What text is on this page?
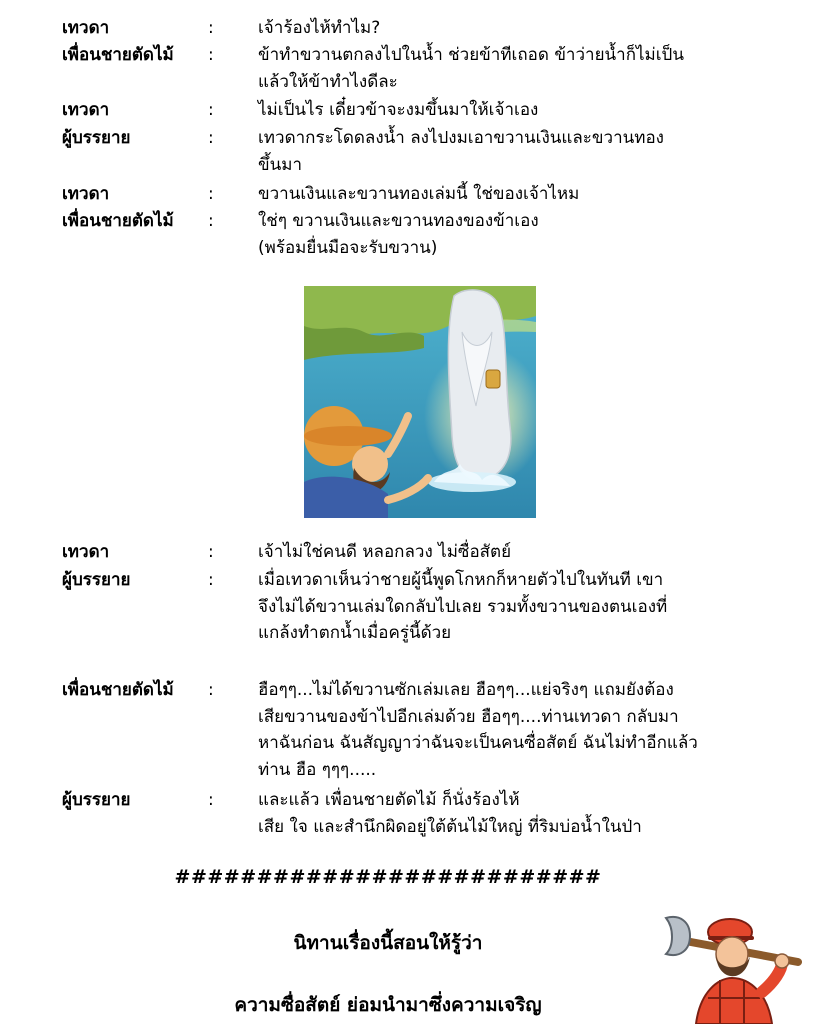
เทวดา	:	เจ้าร้องไห้ทำไม?
เพื่อนชายตัดไม้ :	ข้าทำขวานตกลงไปในน้ำ ช่วยข้าทีเถอด ข้าว่ายน้ำก็ไม่เป็น
แล้วให้ข้าทำไงดีละ
เทวดา	:	ไม่เป็นไร เดี๋ยวข้าจะงมขึ้นมาให้เจ้าเอง
ผู้บรรยาย	:	เทวดากระโดดลงน้ำ ลงไปงมเอาขวานเงินและขวานทอง
ขึ้นมา
เทวดา	:	ขวานเงินและขวานทองเล่มนี้ ใช่ของเจ้าไหม
เพื่อนชายตัดไม้ :	ใช่ๆ ขวานเงินและขวานทองของข้าเอง
(พร้อมยื่นมือจะรับขวาน)
เทวดา	:	เจ้าไม่ใช่คนดี หลอกลวง ไม่ซื่อสัตย์
ผู้บรรยาย	:	เมื่อเทวดาเห็นว่าชายผู้นี้พูดโกหกก็หายตัวไปในทันที เขา
จึงไม่ได้ขวานเล่มใดกลับไปเลย รวมทั้งขวานของตนเองที่
แกล้งทำตกน้ำเมื่อครู่นี้ด้วย
เพื่อนชายตัดไม้ :	ฮือๆๆ...ไม่ได้ขวานซักเล่มเลย ฮือๆๆ...แย่จริงๆ แถมยังต้อง
เสียขวานของข้าไปอีกเล่มด้วย ฮือๆๆ....ท่านเทวดา กลับมา
หาฉันก่อน ฉันสัญญาว่าฉันจะเป็นคนซื่อสัตย์ ฉันไม่ทำอีกแล้ว
ท่าน ฮือ ๆๆๆ.....
ผู้บรรยาย	:	และแล้ว เพื่อนชายตัดไม้ ก็นั่งร้องไห้
เสีย ใจ และสำนึกผิดอยู่ใต้ต้นไม้ใหญ่ ที่ริมบ่อน้ำในป่า
##########################
นิทานเรื่องนี้สอนให้รู้ว่า
ความซื่อสัตย์ ย่อมนำมาซึ่งความเจริญ
